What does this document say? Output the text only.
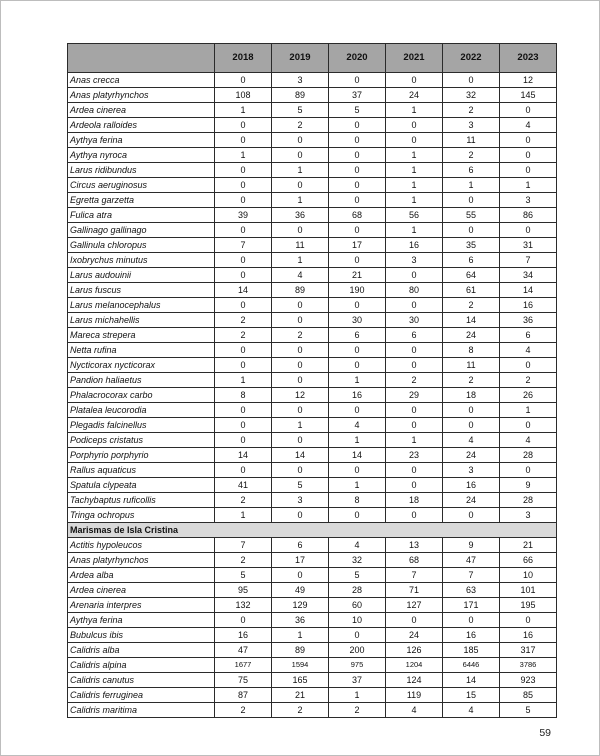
	2018	2019	2020	2021	2022	2023
Anas crecca	0	3	0	0	0	12
Anas platyrhynchos	108	89	37	24	32	145
Ardea cinerea	1	5	5	1	2	0
Ardeola ralloides	0	2	0	0	3	4
Aythya ferina	0	0	0	0	11	0
Aythya nyroca	1	0	0	1	2	0
Larus ridibundus	0	1	0	1	6	0
Circus aeruginosus	0	0	0	1	1	1
Egretta garzetta	0	1	0	1	0	3
Fulica atra	39	36	68	56	55	86
Gallinago gallinago	0	0	0	1	0	0
Gallinula chloropus	7	11	17	16	35	31
Ixobrychus minutus	0	1	0	3	6	7
Larus audouinii	0	4	21	0	64	34
Larus fuscus	14	89	190	80	61	14
Larus melanocephalus	0	0	0	0	2	16
Larus michahellis	2	0	30	30	14	36
Mareca strepera	2	2	6	6	24	6
Netta rufina	0	0	0	0	8	4
Nycticorax nycticorax	0	0	0	0	11	0
Pandion haliaetus	1	0	1	2	2	2
Phalacrocorax carbo	8	12	16	29	18	26
Platalea leucorodia	0	0	0	0	0	1
Plegadis falcinellus	0	1	4	0	0	0
Podiceps cristatus	0	0	1	1	4	4
Porphyrio porphyrio	14	14	14	23	24	28
Rallus aquaticus	0	0	0	0	3	0
Spatula clypeata	41	5	1	0	16	9
Tachybaptus ruficollis	2	3	8	18	24	28
Tringa ochropus	1	0	0	0	0	3
Marismas de Isla Cristina						
Actitis hypoleucos	7	6	4	13	9	21
Anas platyrhynchos	2	17	32	68	47	66
Ardea alba	5	0	5	7	7	10
Ardea cinerea	95	49	28	71	63	101
Arenaria interpres	132	129	60	127	171	195
Aythya ferina	0	36	10	0	0	0
Bubulcus ibis	16	1	0	24	16	16
Calidris alba	47	89	200	126	185	317
Calidris alpina	1677	1594	975	1204	6446	3786
Calidris canutus	75	165	37	124	14	923
Calidris ferruginea	87	21	1	119	15	85
Calidris maritima	2	2	2	4	4	5
59
